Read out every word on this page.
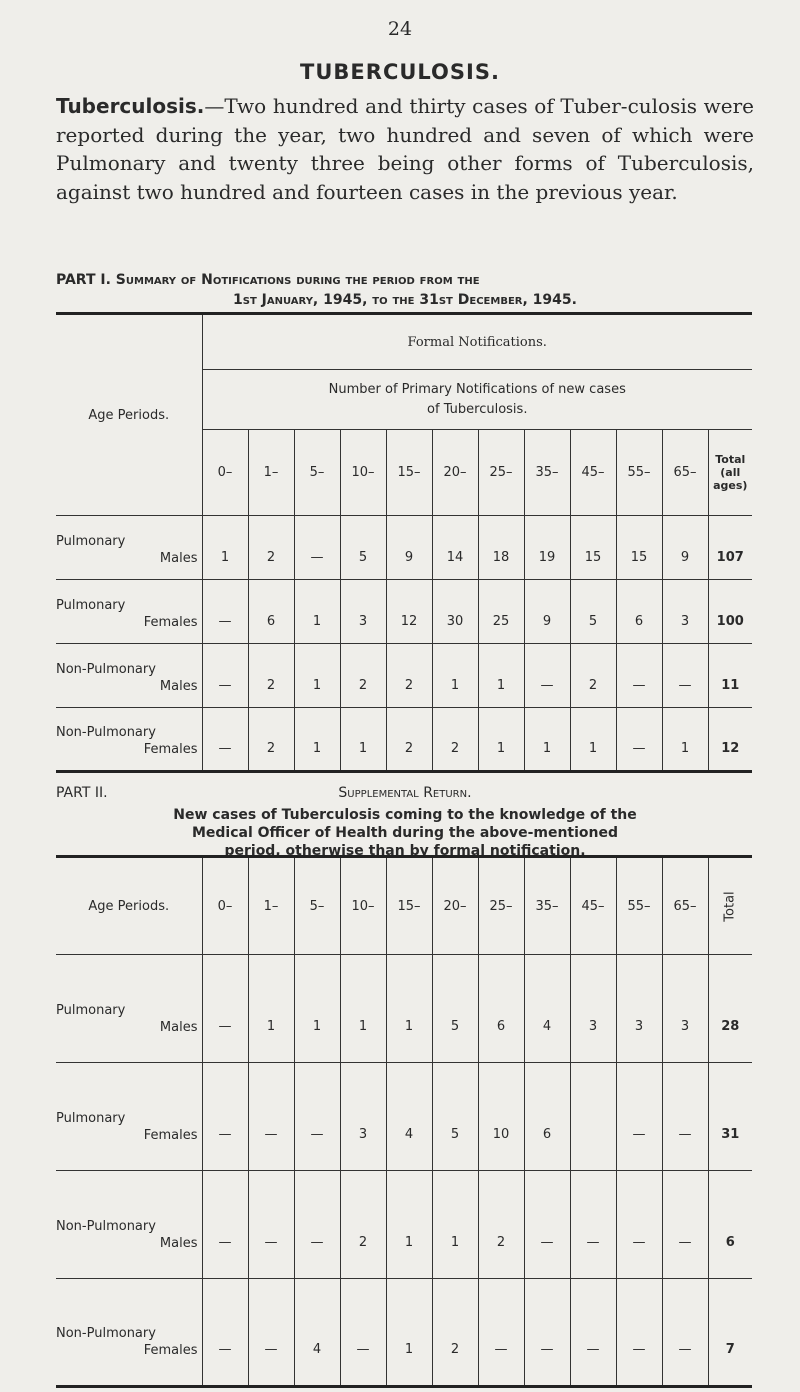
24
TUBERCULOSIS.
Tuberculosis.—Two hundred and thirty cases of Tuber-culosis were reported during the year, two hundred and seven of which were Pulmonary and twenty three being other forms of Tuberculosis, against two hundred and fourteen cases in the previous year.
PART I. Summary of Notifications during the period from the
1st January, 1945, to the 31st December, 1945.
Age Periods.	Formal Notifications.											
	Number of Primary Notifications of new cases
of Tuberculosis.											
	0–	1–	5–	10–	15–	20–	25–	35–	45–	55–	65–	Total
(all
ages)
Pulmonary
Males	1	2	—	5	9	14	18	19	15	15	9	107
Pulmonary
Females	—	6	1	3	12	30	25	9	5	6	3	100
Non-Pulmonary
Males	—	2	1	2	2	1	1	—	2	—	—	11
Non-Pulmonary
Females	—	2	1	1	2	2	1	1	1	—	1	12
PART II.	Supplemental Return.
New cases of Tuberculosis coming to the knowledge of the
Medical Officer of Health during the above-mentioned
period, otherwise than by formal notification.
Age Periods.	0–	1–	5–	10–	15–	20–	25–	35–	45–	55–	65–	Total
Pulmonary
Males	—	1	1	1	1	5	6	4	3	3	3	28
Pulmonary
Females	—	—	—	3	4	5	10	6		—	—	31
Non-Pulmonary
Males	—	—	—	2	1	1	2	—	—	—	—	6
Non-Pulmonary
Females	—	—	4	—	1	2	—	—	—	—	—	7
